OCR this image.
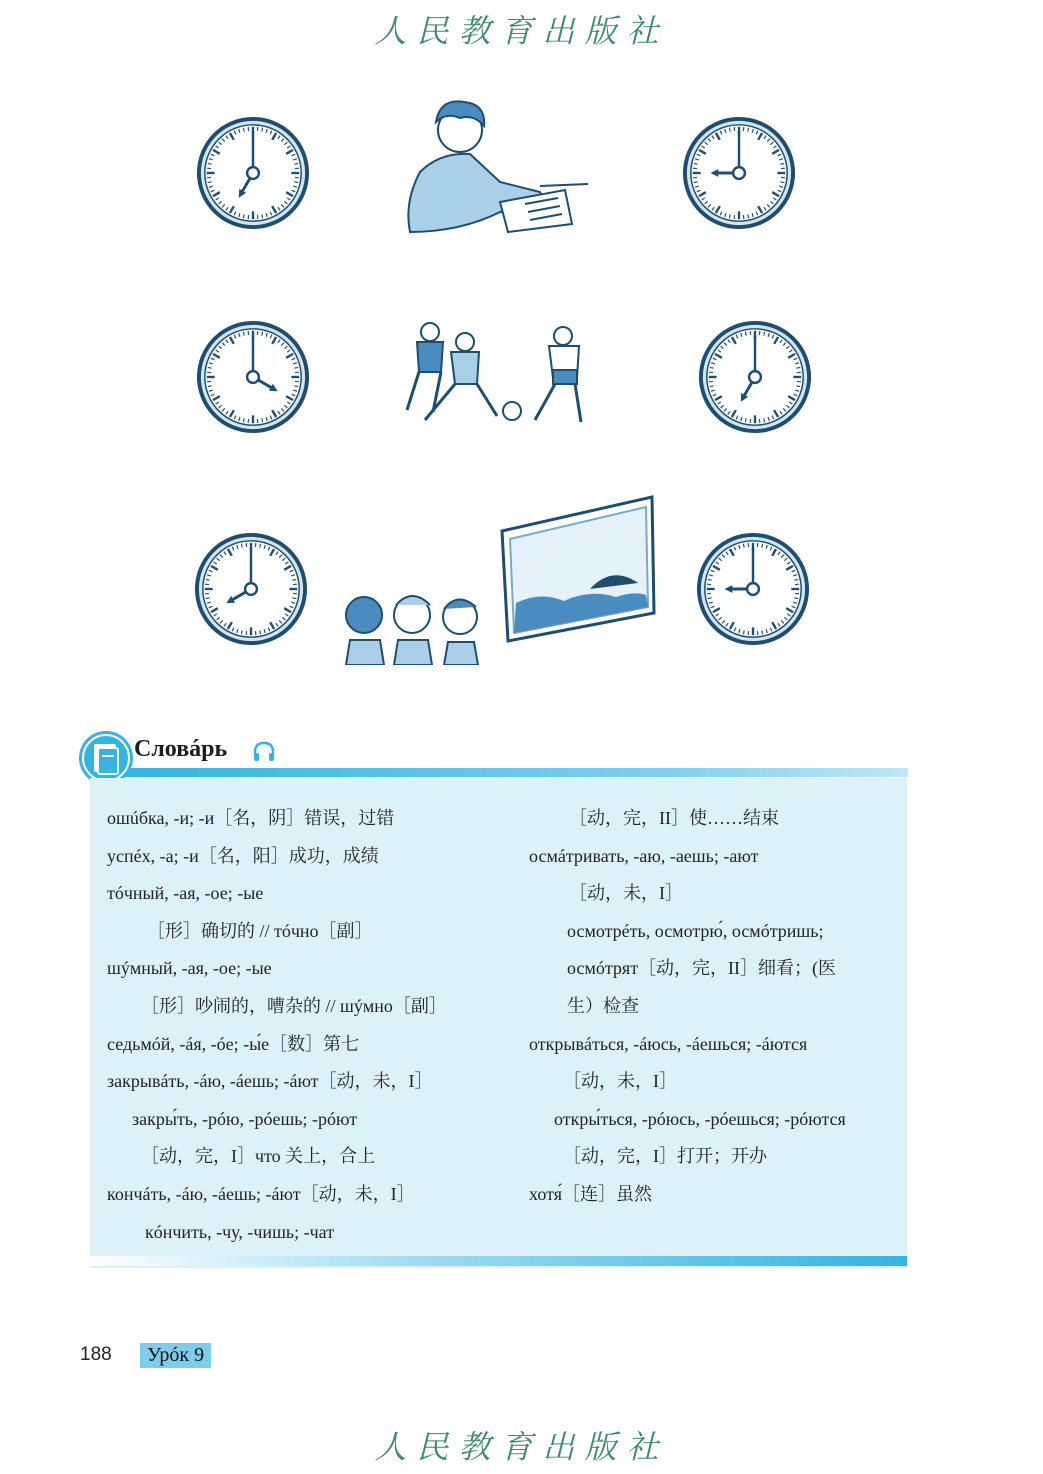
人民教育出版社
Словáрь
ошúбка, -и; -и［名，阴］错误，过错
успéх, -а; -и［名，阳］成功，成绩
тóчный, -ая, -ое; -ые
［形］确切的 // тóчно［副］
шýмный, -ая, -ое; -ые
［形］吵闹的，嘈杂的 // шýмно［副］
седьмóй, -áя, -óе; -ы́е［数］第七
закрывáть, -áю, -áешь; -áют［动，未，I］
закры́ть, -рóю, -рóешь; -рóют
［动，完，I］что 关上，合上
кончáть, -áю, -áешь; -áют［动，未，I］
кóнчить, -чу, -чишь; -чат
［动，完，II］使……结束
осмáтривать, -аю, -аешь; -ают
［动，未，I］
осмотрéть, осмотрю́, осмóтришь;
осмóтрят［动，完，II］细看；(医
生）检查
открывáться, -áюсь, -áешься; -áются
［动，未，I］
откры́ться, -рóюсь, -рóешься; -рóются
［动，完，I］打开；开办
хотя́［连］虽然
188	Урóк 9
人民教育出版社
